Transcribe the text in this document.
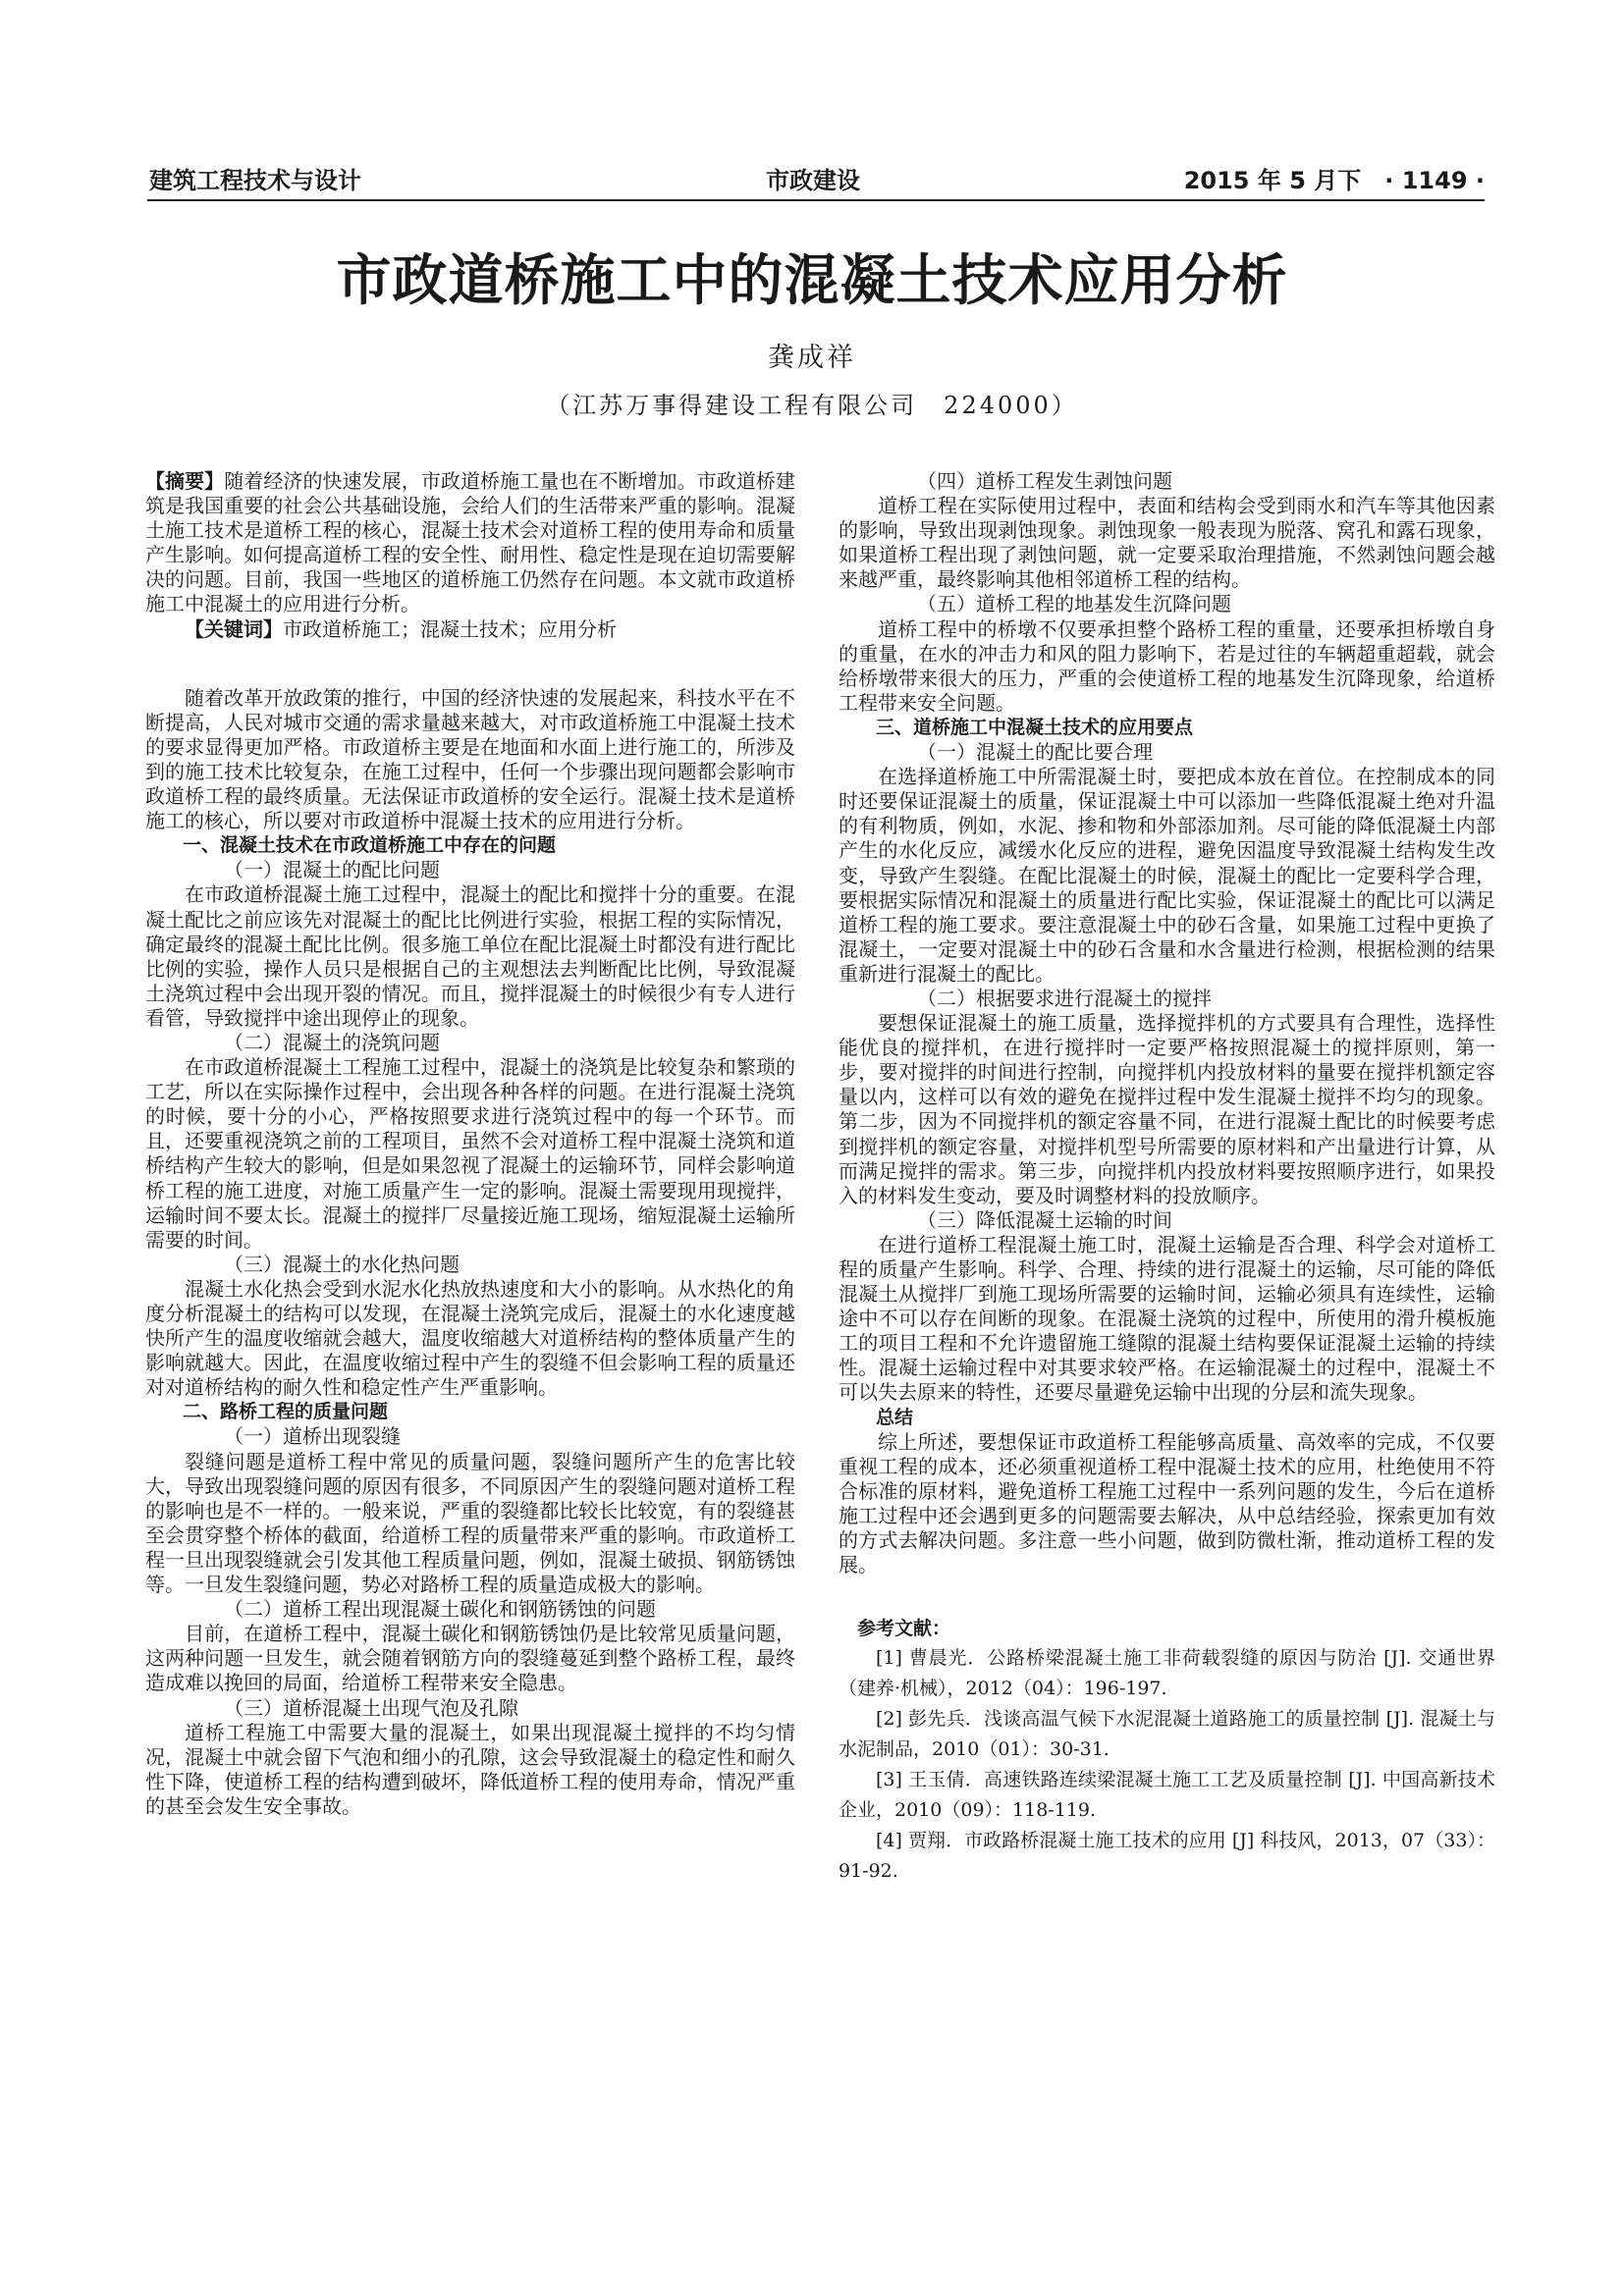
建筑工程技术与设计	市政建设	2015 年 5 月下　 · 1149 ·
市政道桥施工中的混凝土技术应用分析
龚成祥
（江苏万事得建设工程有限公司　224000）

【摘要】随着经济的快速发展，市政道桥施工量也在不断增加。市政道桥建筑是我国重要的社会公共基础设施，会给人们的生活带来严重的影响。混凝土施工技术是道桥工程的核心，混凝土技术会对道桥工程的使用寿命和质量产生影响。如何提高道桥工程的安全性、耐用性、稳定性是现在迫切需要解决的问题。目前，我国一些地区的道桥施工仍然存在问题。本文就市政道桥施工中混凝土的应用进行分析。

【关键词】市政道桥施工；混凝土技术；应用分析

随着改革开放政策的推行，中国的经济快速的发展起来，科技水平在不断提高，人民对城市交通的需求量越来越大，对市政道桥施工中混凝土技术的要求显得更加严格。市政道桥主要是在地面和水面上进行施工的，所涉及到的施工技术比较复杂，在施工过程中，任何一个步骤出现问题都会影响市政道桥工程的最终质量。无法保证市政道桥的安全运行。混凝土技术是道桥施工的核心，所以要对市政道桥中混凝土技术的应用进行分析。

一、混凝土技术在市政道桥施工中存在的问题
（一）混凝土的配比问题

在市政道桥混凝土施工过程中，混凝土的配比和搅拌十分的重要。在混凝土配比之前应该先对混凝土的配比比例进行实验，根据工程的实际情况，确定最终的混凝土配比比例。很多施工单位在配比混凝土时都没有进行配比比例的实验，操作人员只是根据自己的主观想法去判断配比比例，导致混凝土浇筑过程中会出现开裂的情况。而且，搅拌混凝土的时候很少有专人进行看管，导致搅拌中途出现停止的现象。

（二）混凝土的浇筑问题

在市政道桥混凝土工程施工过程中，混凝土的浇筑是比较复杂和繁琐的工艺，所以在实际操作过程中，会出现各种各样的问题。在进行混凝土浇筑的时候，要十分的小心，严格按照要求进行浇筑过程中的每一个环节。而且，还要重视浇筑之前的工程项目，虽然不会对道桥工程中混凝土浇筑和道桥结构产生较大的影响，但是如果忽视了混凝土的运输环节，同样会影响道桥工程的施工进度，对施工质量产生一定的影响。混凝土需要现用现搅拌，运输时间不要太长。混凝土的搅拌厂尽量接近施工现场，缩短混凝土运输所需要的时间。

（三）混凝土的水化热问题

混凝土水化热会受到水泥水化热放热速度和大小的影响。从水热化的角度分析混凝土的结构可以发现，在混凝土浇筑完成后，混凝土的水化速度越快所产生的温度收缩就会越大，温度收缩越大对道桥结构的整体质量产生的影响就越大。因此，在温度收缩过程中产生的裂缝不但会影响工程的质量还对对道桥结构的耐久性和稳定性产生严重影响。

二、路桥工程的质量问题
（一）道桥出现裂缝

裂缝问题是道桥工程中常见的质量问题，裂缝问题所产生的危害比较大，导致出现裂缝问题的原因有很多，不同原因产生的裂缝问题对道桥工程的影响也是不一样的。一般来说，严重的裂缝都比较长比较宽，有的裂缝甚至会贯穿整个桥体的截面，给道桥工程的质量带来严重的影响。市政道桥工程一旦出现裂缝就会引发其他工程质量问题，例如，混凝土破损、钢筋锈蚀等。一旦发生裂缝问题，势必对路桥工程的质量造成极大的影响。

（二）道桥工程出现混凝土碳化和钢筋锈蚀的问题

目前，在道桥工程中，混凝土碳化和钢筋锈蚀仍是比较常见质量问题，这两种问题一旦发生，就会随着钢筋方向的裂缝蔓延到整个路桥工程，最终造成难以挽回的局面，给道桥工程带来安全隐患。

（三）道桥混凝土出现气泡及孔隙

道桥工程施工中需要大量的混凝土，如果出现混凝土搅拌的不均匀情况，混凝土中就会留下气泡和细小的孔隙，这会导致混凝土的稳定性和耐久性下降，使道桥工程的结构遭到破坏，降低道桥工程的使用寿命，情况严重的甚至会发生安全事故。

（四）道桥工程发生剥蚀问题

道桥工程在实际使用过程中，表面和结构会受到雨水和汽车等其他因素的影响，导致出现剥蚀现象。剥蚀现象一般表现为脱落、窝孔和露石现象，如果道桥工程出现了剥蚀问题，就一定要采取治理措施，不然剥蚀问题会越来越严重，最终影响其他相邻道桥工程的结构。

（五）道桥工程的地基发生沉降问题

道桥工程中的桥墩不仅要承担整个路桥工程的重量，还要承担桥墩自身的重量，在水的冲击力和风的阻力影响下，若是过往的车辆超重超载，就会给桥墩带来很大的压力，严重的会使道桥工程的地基发生沉降现象，给道桥工程带来安全问题。

三、道桥施工中混凝土技术的应用要点
（一）混凝土的配比要合理

在选择道桥施工中所需混凝土时，要把成本放在首位。在控制成本的同时还要保证混凝土的质量，保证混凝土中可以添加一些降低混凝土绝对升温的有利物质，例如，水泥、掺和物和外部添加剂。尽可能的降低混凝土内部产生的水化反应，减缓水化反应的进程，避免因温度导致混凝土结构发生改变，导致产生裂缝。在配比混凝土的时候，混凝土的配比一定要科学合理，要根据实际情况和混凝土的质量进行配比实验，保证混凝土的配比可以满足道桥工程的施工要求。要注意混凝土中的砂石含量，如果施工过程中更换了混凝土，一定要对混凝土中的砂石含量和水含量进行检测，根据检测的结果重新进行混凝土的配比。

（二）根据要求进行混凝土的搅拌

要想保证混凝土的施工质量，选择搅拌机的方式要具有合理性，选择性能优良的搅拌机，在进行搅拌时一定要严格按照混凝土的搅拌原则，第一步，要对搅拌的时间进行控制，向搅拌机内投放材料的量要在搅拌机额定容量以内，这样可以有效的避免在搅拌过程中发生混凝土搅拌不均匀的现象。第二步，因为不同搅拌机的额定容量不同，在进行混凝土配比的时候要考虑到搅拌机的额定容量，对搅拌机型号所需要的原材料和产出量进行计算，从而满足搅拌的需求。第三步，向搅拌机内投放材料要按照顺序进行，如果投入的材料发生变动，要及时调整材料的投放顺序。

（三）降低混凝土运输的时间

在进行道桥工程混凝土施工时，混凝土运输是否合理、科学会对道桥工程的质量产生影响。科学、合理、持续的进行混凝土的运输，尽可能的降低混凝土从搅拌厂到施工现场所需要的运输时间，运输必须具有连续性，运输途中不可以存在间断的现象。在混凝土浇筑的过程中，所使用的滑升模板施工的项目工程和不允许遗留施工缝隙的混凝土结构要保证混凝土运输的持续性。混凝土运输过程中对其要求较严格。在运输混凝土的过程中，混凝土不可以失去原来的特性，还要尽量避免运输中出现的分层和流失现象。

总结

综上所述，要想保证市政道桥工程能够高质量、高效率的完成，不仅要重视工程的成本，还必须重视道桥工程中混凝土技术的应用，杜绝使用不符合标准的原材料，避免道桥工程施工过程中一系列问题的发生，今后在道桥施工过程中还会遇到更多的问题需要去解决，从中总结经验，探索更加有效的方式去解决问题。多注意一些小问题，做到防微杜渐，推动道桥工程的发展。

参考文献：

[1] 曹晨光．公路桥梁混凝土施工非荷载裂缝的原因与防治 [J]. 交通世界（建养·机械），2012（04）：196-197.

[2] 彭先兵．浅谈高温气候下水泥混凝土道路施工的质量控制 [J]. 混凝土与水泥制品，2010（01）：30-31.

[3] 王玉倩．高速铁路连续梁混凝土施工工艺及质量控制 [J]. 中国高新技术企业，2010（09）：118-119.

[4] 贾翔．市政路桥混凝土施工技术的应用 [J] 科技风，2013，07（33）：91-92.
